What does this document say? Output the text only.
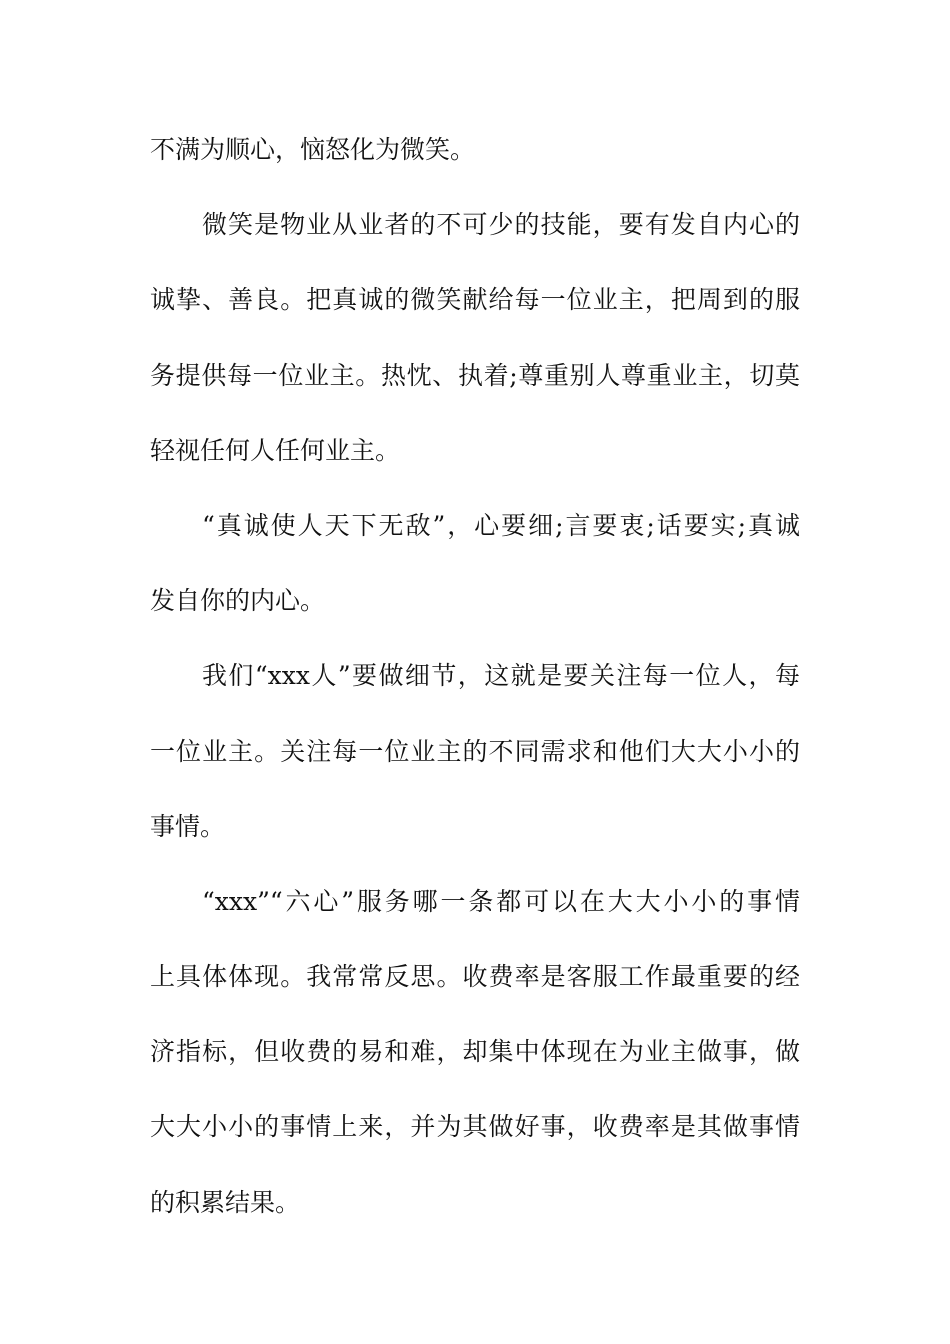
不满为顺心，恼怒化为微笑。
微笑是物业从业者的不可少的技能，要有发自内心的
诚挚、善良。把真诚的微笑献给每一位业主，把周到的服
务提供每一位业主。热忱、执着;尊重别人尊重业主，切莫
轻视任何人任何业主。
“真诚使人天下无敌”，心要细;言要衷;话要实;真诚
发自你的内心。
我们“xxx人”要做细节，这就是要关注每一位人，每
一位业主。关注每一位业主的不同需求和他们大大小小的
事情。
“xxx”“六心”服务哪一条都可以在大大小小的事情
上具体体现。我常常反思。收费率是客服工作最重要的经
济指标，但收费的易和难，却集中体现在为业主做事，做
大大小小的事情上来，并为其做好事，收费率是其做事情
的积累结果。
